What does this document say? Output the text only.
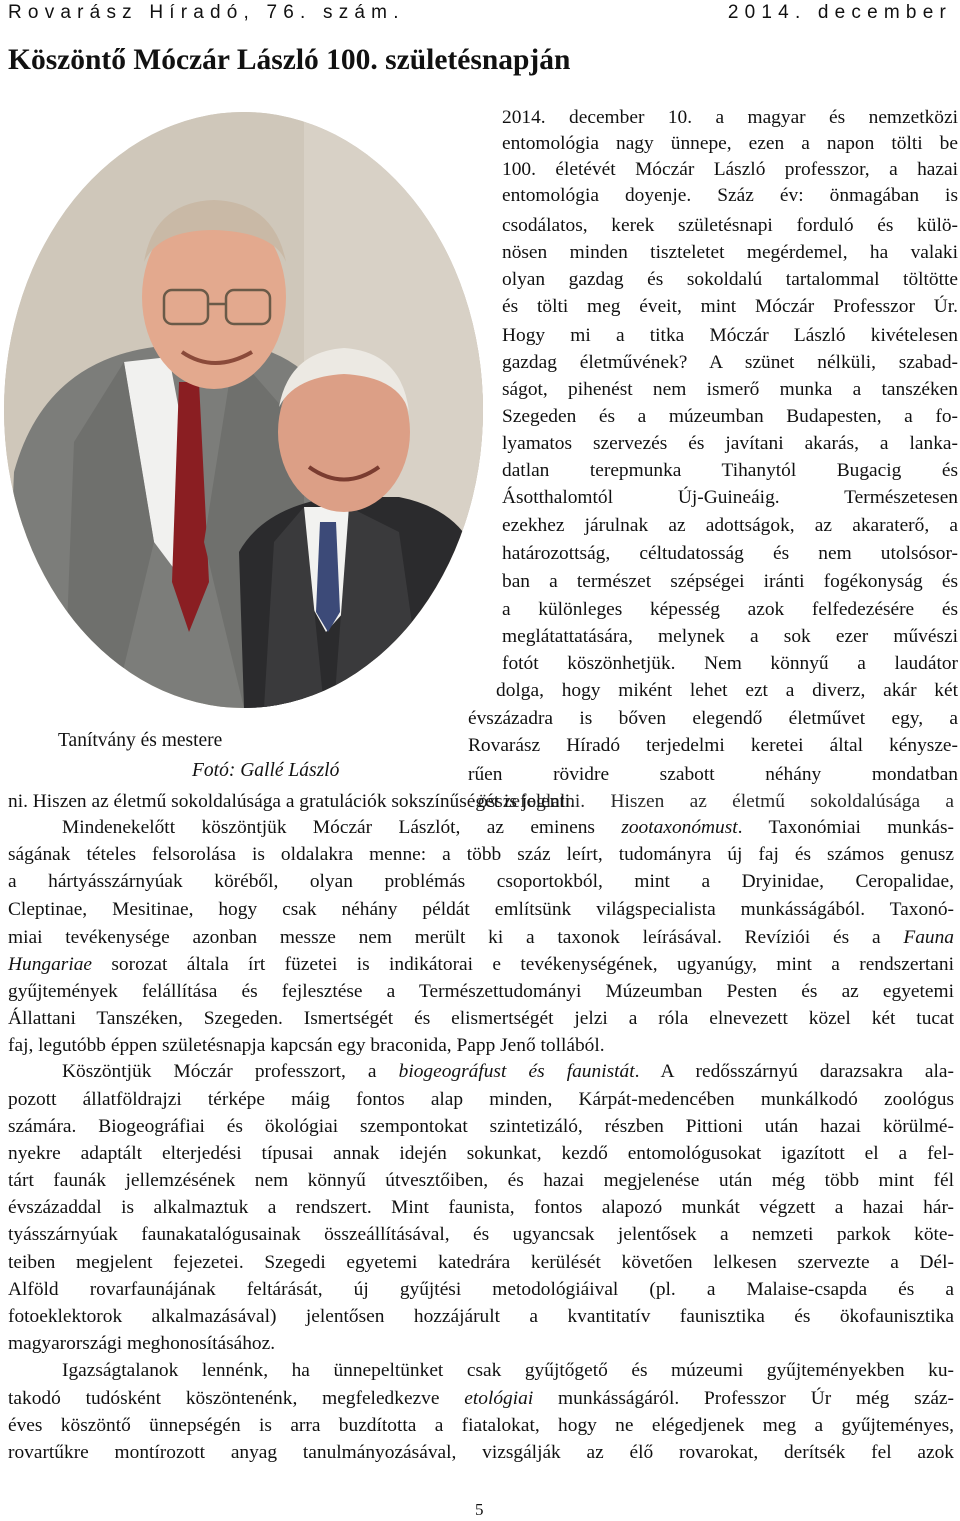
Rovarász Híradó, 76. szám.	2014. december
Köszöntő Móczár László 100. születésnapján
Tanítvány és mestere
Fotó: Gallé László
2014. december 10. a magyar és nemzetközi
entomológia nagy ünnepe, ezen a napon tölti be
100. életévét Móczár László professzor, a hazai
entomológia doyenje. Száz év: önmagában is
csodálatos, kerek születésnapi forduló és külö-
nösen minden tiszteletet megérdemel, ha valaki
olyan gazdag és sokoldalú tartalommal töltötte
és tölti meg éveit, mint Móczár Professzor Úr.
Hogy mi a titka Móczár László kivételesen
gazdag életművének? A szünet nélküli, szabad-
ságot, pihenést nem ismerő munka a tanszéken
Szegeden és a múzeumban Budapesten, a fo-
lyamatos szervezés és javítani akarás, a lanka-
datlan terepmunka Tihanytól Bugacig és
Ásotthalomtól Új-Guineáig. Természetesen
ezekhez járulnak az adottságok, az akaraterő, a
határozottság, céltudatosság és nem utolsósor-
ban a természet szépségei iránti fogékonyság és
a különleges képesség azok felfedezésére és
meglátattatására, melynek a sok ezer művészi
fotót köszönhetjük. Nem könnyű a laudátor
dolga, hogy miként lehet ezt a diverz, akár két
évszázadra is bőven elegendő életművet egy, a
Rovarász Híradó terjedelmi keretei által kénysze-
rűen rövidre szabott néhány mondatban
ni. Hiszen az életmű sokoldalúsága a gratulációk sokszínűségét is jelenti.
összefoglalni. Hiszen az életmű sokoldalúsága a
Mindenekelőtt köszöntjük Móczár Lászlót, az eminens zootaxonómust. Taxonómiai munkás-
ságának tételes felsorolása is oldalakra menne: a több száz leírt, tudományra új faj és számos genusz
a hártyásszárnyúak köréből, olyan problémás csoportokból, mint a Dryinidae, Ceropalidae,
Cleptinae, Mesitinae, hogy csak néhány példát említsünk világspecialista munkásságából. Taxonó-
miai tevékenysége azonban messze nem merült ki a taxonok leírásával. Revíziói és a Fauna
Hungariae sorozat általa írt füzetei is indikátorai e tevékenységének, ugyanúgy, mint a rendszertani
gyűjtemények felállítása és fejlesztése a Természettudományi Múzeumban Pesten és az egyetemi
Állattani Tanszéken, Szegeden. Ismertségét és elismertségét jelzi a róla elnevezett közel két tucat
faj, legutóbb éppen születésnapja kapcsán egy braconida, Papp Jenő tollából.
Köszöntjük Móczár professzort, a biogeográfust és faunistát. A redősszárnyú darazsakra ala-
pozott állatföldrajzi térképe máig fontos alap minden, Kárpát-medencében munkálkodó zoológus
számára. Biogeográfiai és ökológiai szempontokat szintetizáló, részben Pittioni után hazai körülmé-
nyekre adaptált elterjedési típusai annak idején sokunkat, kezdő entomológusokat igazított el a fel-
tárt faunák jellemzésének nem könnyű útvesztőiben, és hazai megjelenése után még több mint fél
évszázaddal is alkalmaztuk a rendszert. Mint faunista, fontos alapozó munkát végzett a hazai hár-
tyásszárnyúak faunakatalógusainak összeállításával, és ugyancsak jelentősek a nemzeti parkok köte-
teiben megjelent fejezetei. Szegedi egyetemi katedrára kerülését követően lelkesen szervezte a Dél-
Alföld rovarfaunájának feltárását, új gyűjtési metodológiáival (pl. a Malaise-csapda és a
fotoeklektorok alkalmazásával) jelentősen hozzájárult a kvantitatív faunisztika és ökofaunisztika
magyarországi meghonosításához.
Igazságtalanok lennénk, ha ünnepeltünket csak gyűjtőgető és múzeumi gyűjteményekben ku-
takodó tudósként köszöntenénk, megfeledkezve etológiai munkásságáról. Professzor Úr még száz-
éves köszöntő ünnepségén is arra buzdította a fiatalokat, hogy ne elégedjenek meg a gyűjteményes,
rovartűkre montírozott anyag tanulmányozásával, vizsgálják az élő rovarokat, derítsék fel azok
5
